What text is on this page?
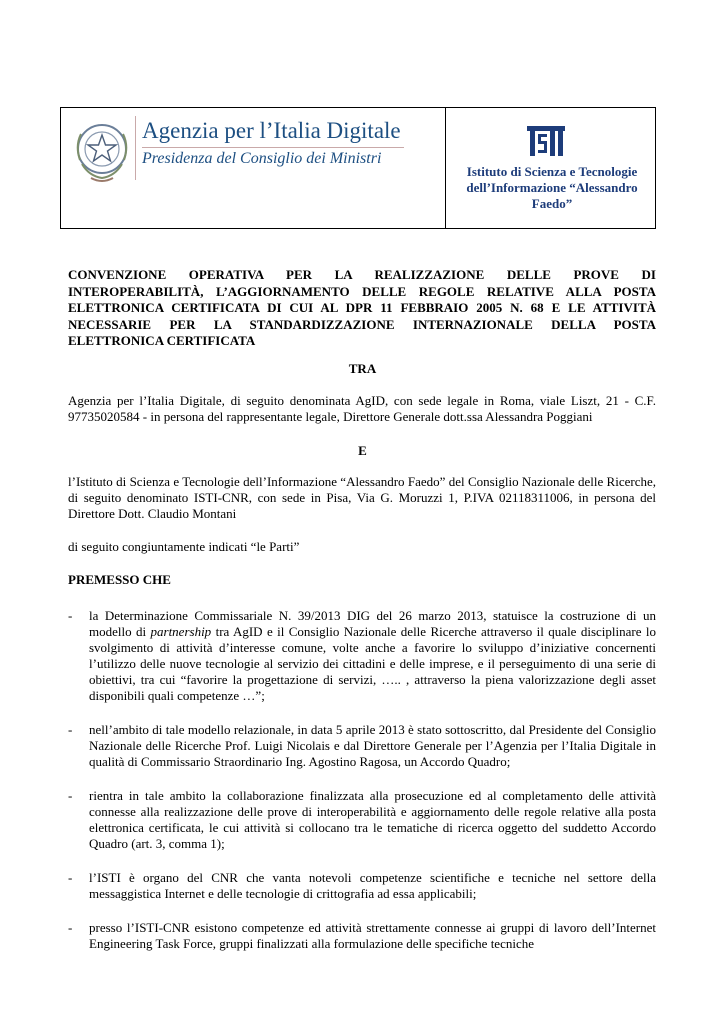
Agenzia per l’Italia Digitale
Presidenza del Consiglio dei Ministri
Istituto di Scienza e Tecnologie dell’Informazione “Alessandro Faedo”
CONVENZIONE OPERATIVA PER LA REALIZZAZIONE DELLE PROVE DI INTEROPERABILITÀ, L’AGGIORNAMENTO DELLE REGOLE RELATIVE ALLA POSTA ELETTRONICA CERTIFICATA DI CUI AL DPR 11 FEBBRAIO 2005 N. 68 E LE ATTIVITÀ NECESSARIE PER LA STANDARDIZZAZIONE INTERNAZIONALE DELLA POSTA ELETTRONICA CERTIFICATA
TRA
Agenzia per l’Italia Digitale, di seguito denominata AgID, con sede legale in Roma, viale Liszt, 21 - C.F. 97735020584 - in persona del rappresentante legale, Direttore Generale dott.ssa Alessandra Poggiani
E
l’Istituto di Scienza e Tecnologie dell’Informazione “Alessandro Faedo” del Consiglio Nazionale delle Ricerche, di seguito denominato ISTI-CNR, con sede in Pisa, Via G. Moruzzi 1, P.IVA 02118311006, in persona del Direttore Dott. Claudio Montani
di seguito congiuntamente indicati “le Parti”
PREMESSO CHE
-	la Determinazione Commissariale N. 39/2013 DIG del 26 marzo 2013, statuisce la costruzione di un modello di partnership tra AgID e il Consiglio Nazionale delle Ricerche attraverso il quale disciplinare lo svolgimento di attività d’interesse comune, volte anche a favorire lo sviluppo d’iniziative concernenti l’utilizzo delle nuove tecnologie al servizio dei cittadini e delle imprese, e il perseguimento di una serie di obiettivi, tra cui “favorire la progettazione di servizi, ….. , attraverso la piena valorizzazione degli asset disponibili quali competenze …”;
-	nell’ambito di tale modello relazionale, in data 5 aprile 2013 è stato sottoscritto, dal Presidente del Consiglio Nazionale delle Ricerche Prof. Luigi Nicolais e dal Direttore Generale per l’Agenzia per l’Italia Digitale in qualità di Commissario Straordinario Ing. Agostino Ragosa, un Accordo Quadro;
-	rientra in tale ambito la collaborazione finalizzata alla prosecuzione ed al completamento delle attività connesse alla realizzazione delle prove di interoperabilità e aggiornamento delle regole relative alla posta elettronica certificata, le cui attività si collocano tra le tematiche di ricerca oggetto del suddetto Accordo Quadro (art. 3, comma 1);
-	l’ISTI è organo del CNR che vanta notevoli competenze scientifiche e tecniche nel settore della messaggistica Internet e delle tecnologie di crittografia ad essa applicabili;
-	presso l’ISTI-CNR esistono competenze ed attività strettamente connesse ai gruppi di lavoro dell’Internet Engineering Task Force, gruppi finalizzati alla formulazione delle specifiche tecniche
